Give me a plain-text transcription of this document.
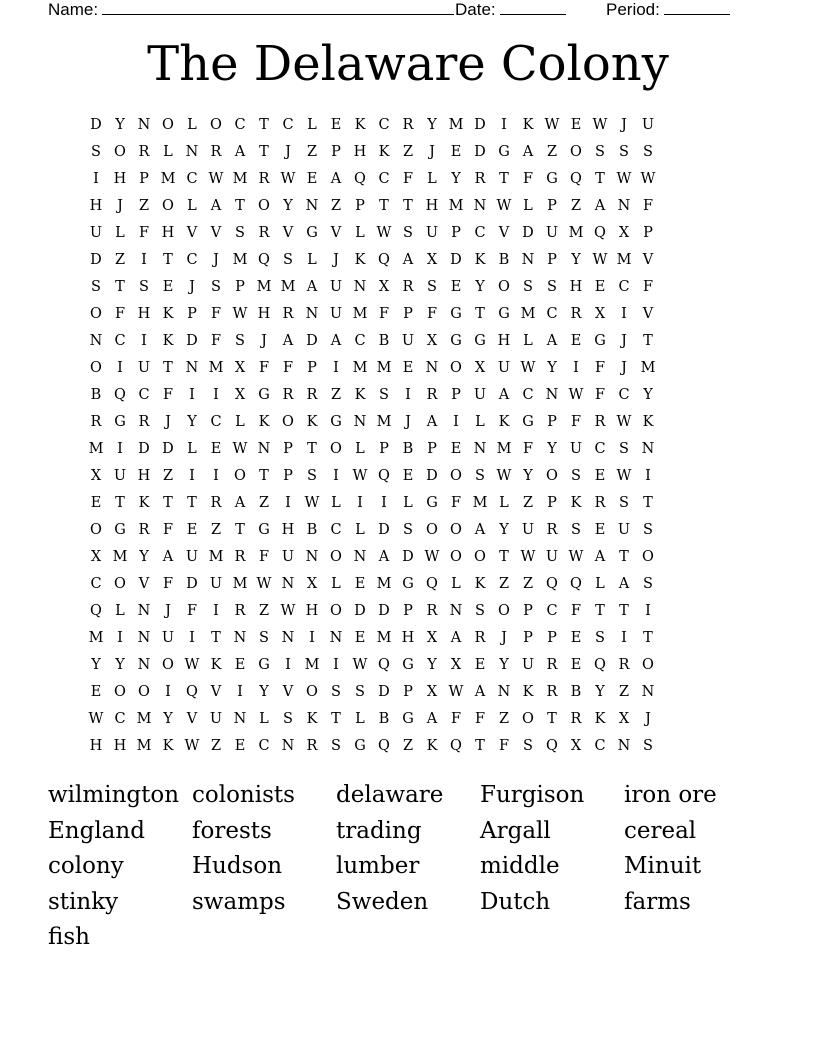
Name:	Date:	Period:
The Delaware Colony
D Y N O L O C T C L E K C R Y M D	I	K W E W J	U
S O R L N R A T	J	Z P H K Z	J	E D G A Z O S S S
I	H P M C W M R W E A Q C F L Y R T F G Q T W W
H	J	Z O L A T O Y N Z P T T H M N W L P Z A N F
U L F H V V S R V G V L W S U P C V D U M Q X P
D Z	I	T C	J M Q S L	J	K Q A X D K B N P Y W M V
S T S E	J	S P M M A U N X R S E Y O S S H E C F
O F H K P F W H R N U M F P F G T G M C R X	I	V
N C	I	K D F S	J	A D A C B U X G G H L A E G	J	T
O	I	U T N M X F F P	I M M E N O X U W Y	I	F	J M
B Q C F	I	I	X G R R Z K S	I	R P U A C N W F C Y
R G R	J	Y C L K O K G N M J	A	I	L K G P F R W K
M I	D D L E W N P T O L P B P E N M F Y U C S N
X U H Z	I	I	O T P S	I W Q E D O S W Y O S E W I
E T K T T R A Z	I W L	I	I	L G F M L Z P K R S T
O G R F E Z T G H B C L D S O O A Y U R S E U S
X M Y A U M R F U N O N A D W O O T W U W A T O
C O V F D U M W N X L E M G Q L K Z Z Q Q L A S
Q L N	J	F	I	R Z W H O D D P R N S O P C F T T	I
M I	N U	I	T N S N	I	N E M H X A R	J	P P E S	I	T
Y Y N O W K E G	I M I W Q G Y X E Y U R E Q R O
E O O	I	Q V	I	Y V O S S D P X W A N K R B Y Z N
W C M Y V U N L S K T L B G A F F Z O T R K X	J
H H M K W Z E C N R S G Q Z K Q T F S Q X C N S
wilmington colonists	delaware	Furgison	iron ore
England	forests	trading	Argall	cereal
colony	Hudson	lumber	middle	Minuit
stinky	swamps	Sweden	Dutch	farms
fish
